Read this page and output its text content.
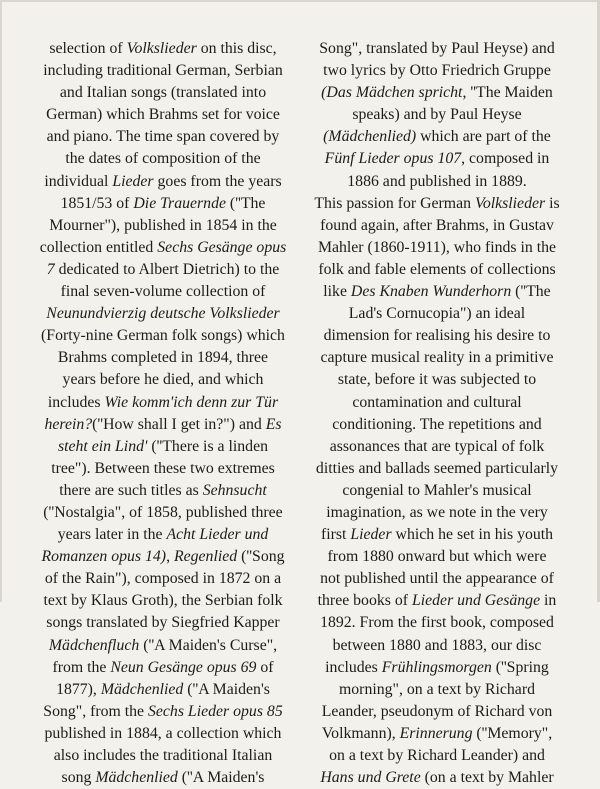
selection of Volkslieder on this disc,
including traditional German, Serbian
and Italian songs (translated into
German) which Brahms set for voice
and piano. The time span covered by
the dates of composition of the
individual Lieder goes from the years
1851/53 of Die Trauernde (''The
Mourner"), published in 1854 in the
collection entitled Sechs Gesänge opus
7 dedicated to Albert Dietrich) to the
final seven-volume collection of
Neunundvierzig deutsche Volkslieder
(Forty-nine German folk songs) which
Brahms completed in 1894, three
years before he died, and which
includes Wie komm'ich denn zur Tür
herein?(''How shall I get in?") and Es
steht ein Lind' (''There is a linden
tree"). Between these two extremes
there are such titles as Sehnsucht
(''Nostalgia", of 1858, published three
years later in the Acht Lieder und
Romanzen opus 14), Regenlied (''Song
of the Rain"), composed in 1872 on a
text by Klaus Groth), the Serbian folk
songs translated by Siegfried Kapper
Mädchenfluch (''A Maiden's Curse",
from the Neun Gesänge opus 69 of
1877), Mädchenlied (''A Maiden's
Song", from the Sechs Lieder opus 85
published in 1884, a collection which
also includes the traditional Italian
song Mädchenlied (''A Maiden's
Song", translated by Paul Heyse) and
two lyrics by Otto Friedrich Gruppe
(Das Mädchen spricht, ''The Maiden
speaks) and by Paul Heyse
(Mädchenlied) which are part of the
Fünf Lieder opus 107, composed in
1886 and published in 1889.
This passion for German Volkslieder is
found again, after Brahms, in Gustav
Mahler (1860-1911), who finds in the
folk and fable elements of collections
like Des Knaben Wunderhorn (''The
Lad's Cornucopia") an ideal
dimension for realising his desire to
capture musical reality in a primitive
state, before it was subjected to
contamination and cultural
conditioning. The repetitions and
assonances that are typical of folk
ditties and ballads seemed particularly
congenial to Mahler's musical
imagination, as we note in the very
first Lieder which he set in his youth
from 1880 onward but which were
not published until the appearance of
three books of Lieder und Gesänge in
1892. From the first book, composed
between 1880 and 1883, our disc
includes Frühlingsmorgen (''Spring
morning", on a text by Richard
Leander, pseudonym of Richard von
Volkmann), Erinnerung (''Memory",
on a text by Richard Leander) and
Hans und Grete (on a text by Mahler
